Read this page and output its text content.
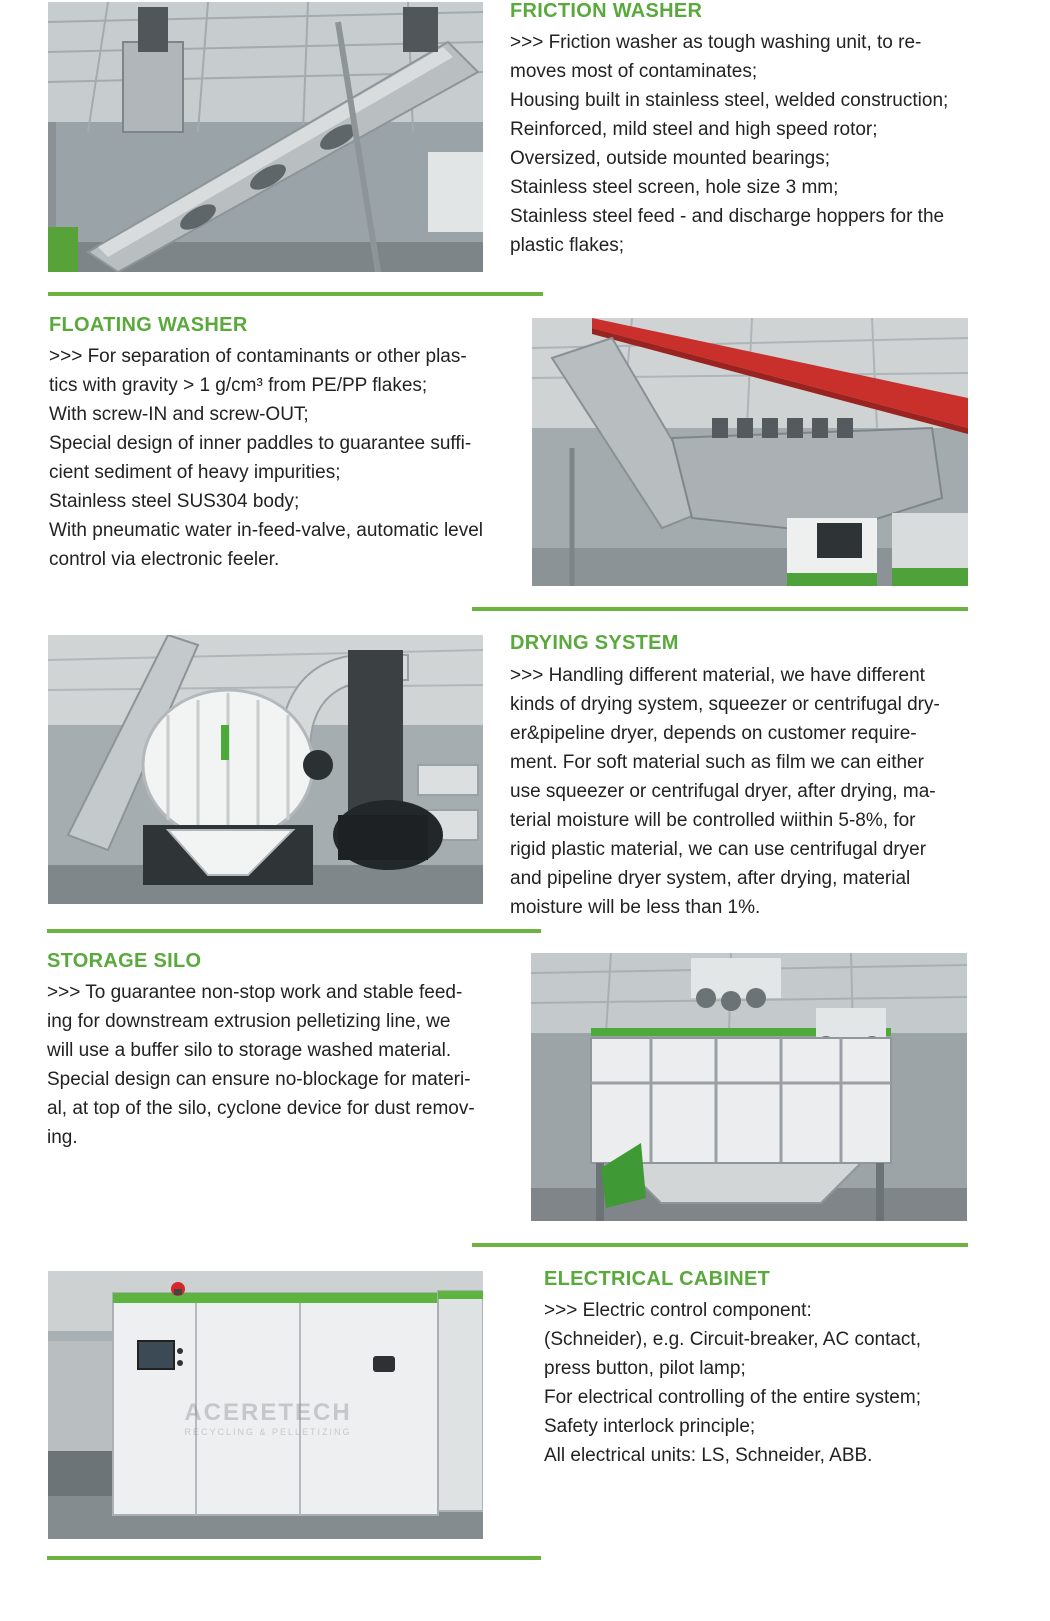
FRICTION WASHER

>>> Friction washer as tough washing unit, to re-
moves most of contaminates;
Housing built in stainless steel, welded construction;
Reinforced, mild steel and high speed rotor;
Oversized, outside mounted bearings;
Stainless steel screen, hole size 3 mm;
Stainless steel feed - and discharge hoppers for the
plastic flakes;

FLOATING WASHER

>>> For separation of contaminants or other plas-
tics with gravity > 1 g/cm³ from PE/PP flakes;
With screw-IN and screw-OUT;
Special design of inner paddles to guarantee suffi-
cient sediment of heavy impurities;
Stainless steel SUS304 body;
With pneumatic water in-feed-valve, automatic level
control via electronic feeler.

DRYING SYSTEM

>>> Handling different material, we have different
kinds of drying system, squeezer or centrifugal dry-
er&pipeline dryer, depends on customer require-
ment. For soft material such as film we can either
use squeezer or centrifugal dryer, after drying, ma-
terial moisture will be controlled wiithin 5-8%, for
rigid plastic material, we can use centrifugal dryer
and pipeline dryer system, after drying, material
moisture will be less than 1%.

STORAGE SILO

>>> To guarantee non-stop work and stable feed-
ing for downstream extrusion pelletizing line, we
will use a buffer silo to storage washed material.
Special design can ensure no-blockage for materi-
al, at top of the silo, cyclone device for dust remov-
ing.
ACERETECH
RECYCLING & PELLETIZING

ELECTRICAL CABINET

>>> Electric control component:
(Schneider), e.g. Circuit-breaker, AC contact,
press button, pilot lamp;
For electrical controlling of the entire system;
Safety interlock principle;
All electrical units: LS, Schneider, ABB.
